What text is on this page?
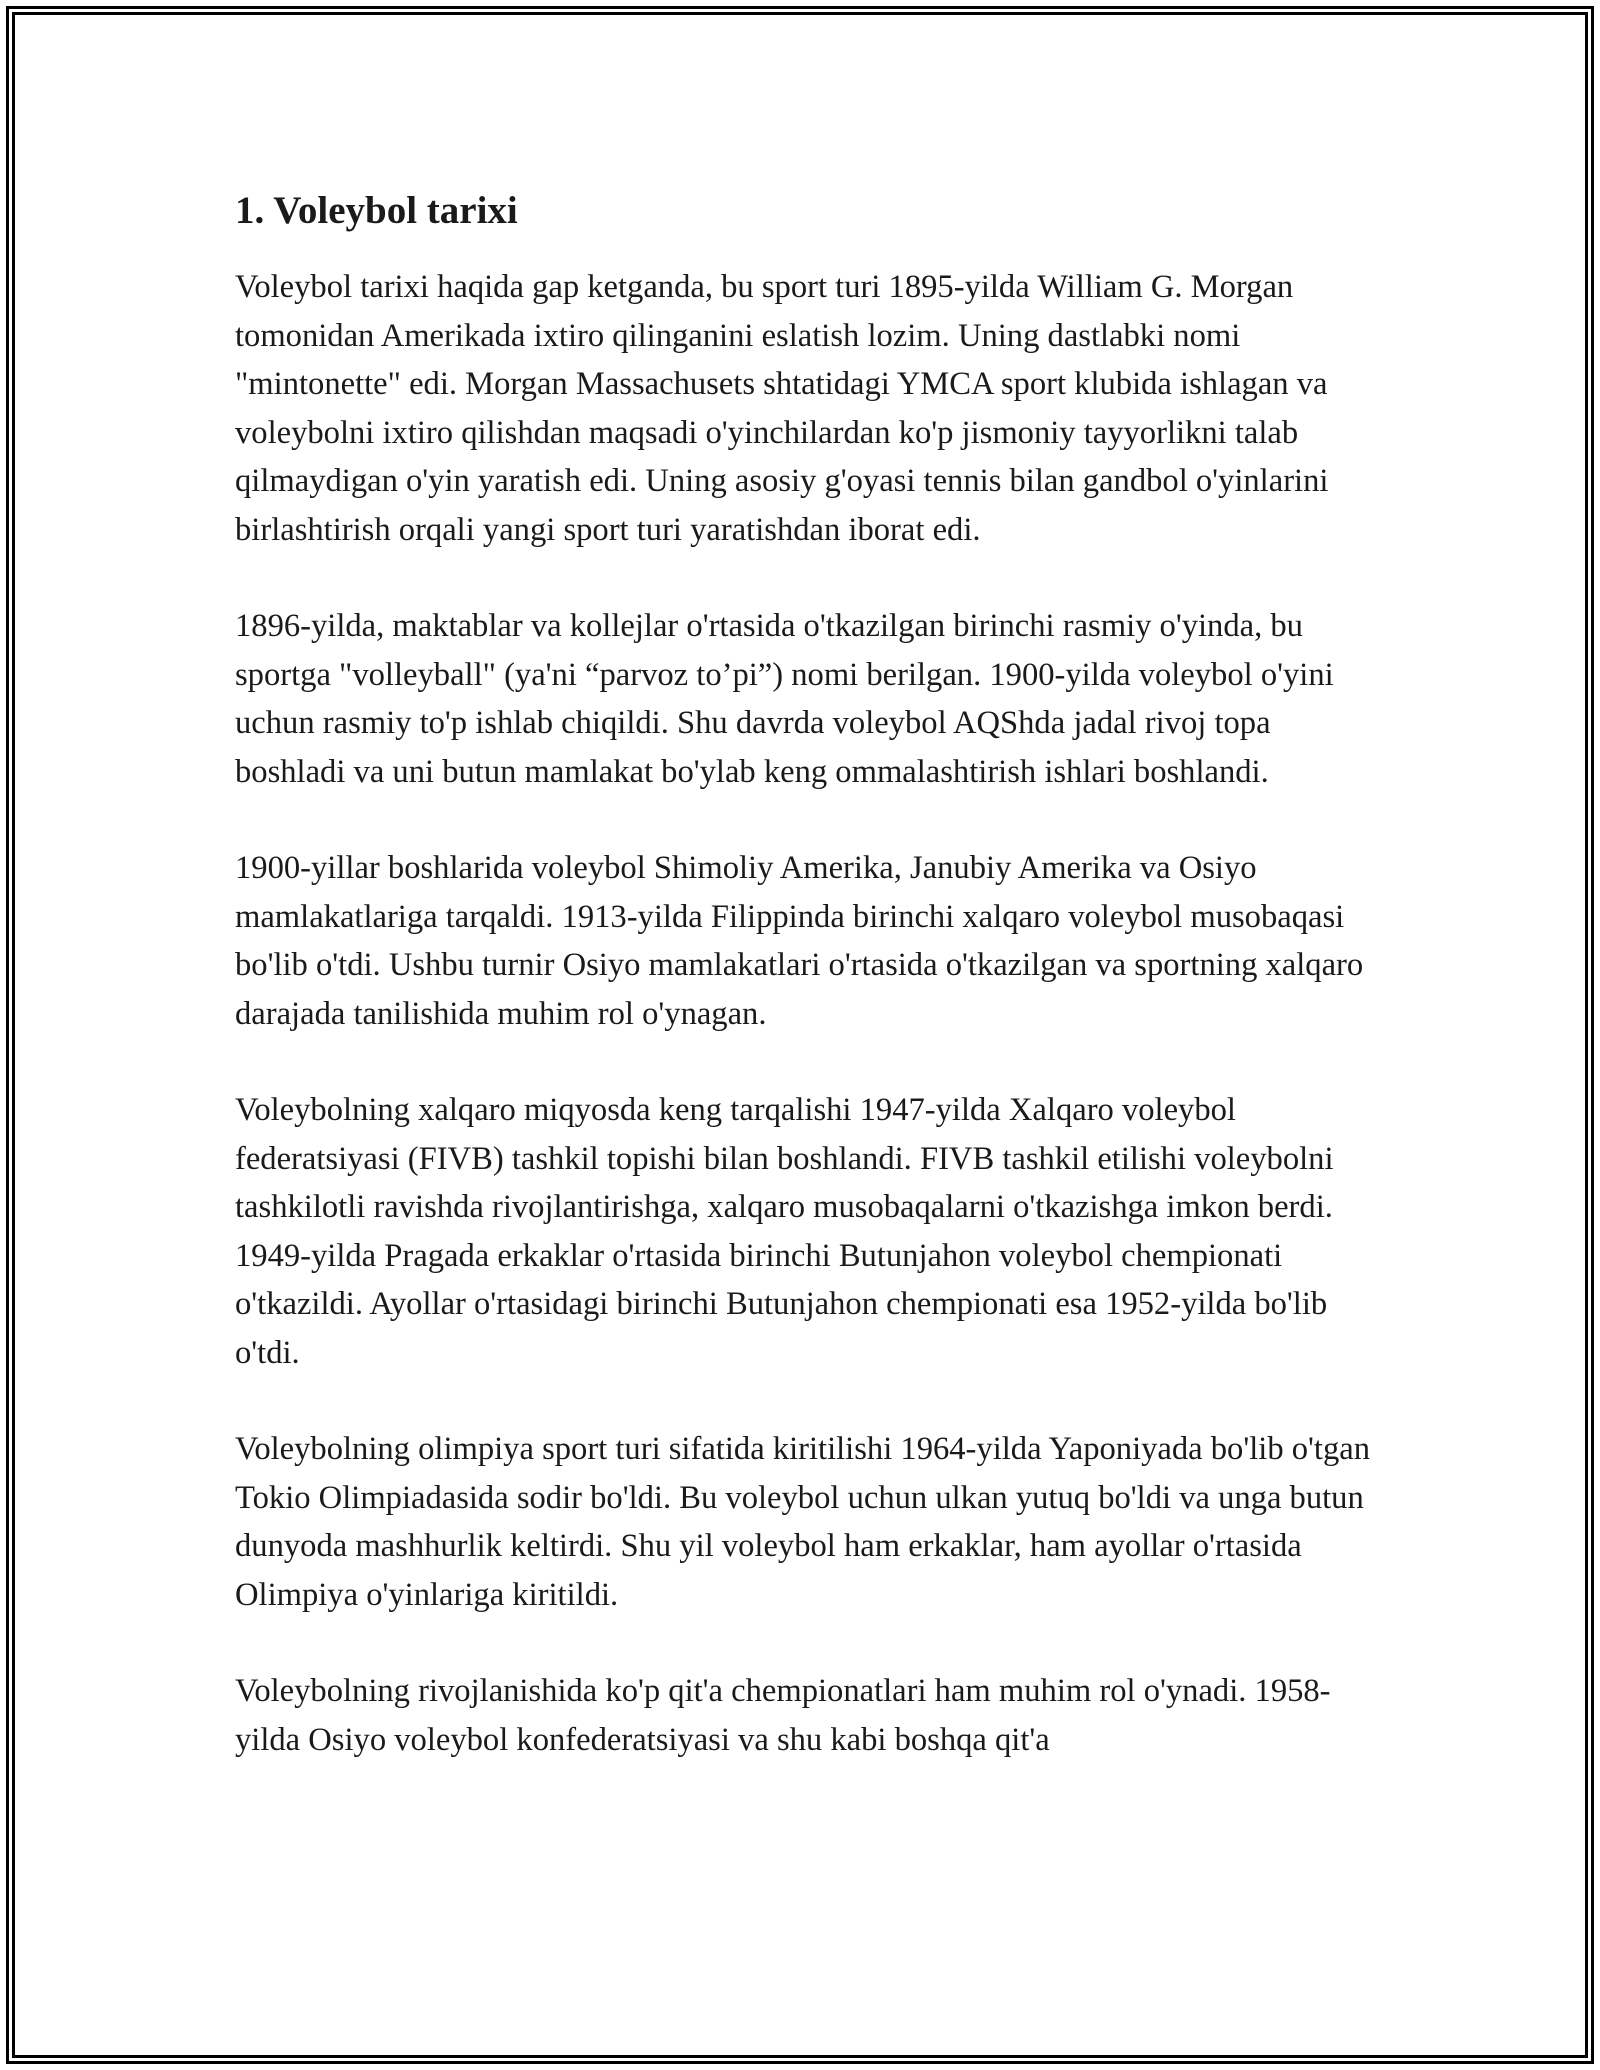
1. Voleybol tarixi

Voleybol tarixi haqida gap ketganda, bu sport turi 1895-yilda William G. Morgan tomonidan Amerikada ixtiro qilinganini eslatish lozim. Uning dastlabki nomi "mintonette" edi. Morgan Massachusets shtatidagi YMCA sport klubida ishlagan va voleybolni ixtiro qilishdan maqsadi o'yinchilardan ko'p jismoniy tayyorlikni talab qilmaydigan o'yin yaratish edi. Uning asosiy g'oyasi tennis bilan gandbol o'yinlarini birlashtirish orqali yangi sport turi yaratishdan iborat edi.

1896-yilda, maktablar va kollejlar o'rtasida o'tkazilgan birinchi rasmiy o'yinda, bu sportga "volleyball" (ya'ni “parvoz to’pi”) nomi berilgan. 1900-yilda voleybol o'yini uchun rasmiy to'p ishlab chiqildi. Shu davrda voleybol AQShda jadal rivoj topa boshladi va uni butun mamlakat bo'ylab keng ommalashtirish ishlari boshlandi.

1900-yillar boshlarida voleybol Shimoliy Amerika, Janubiy Amerika va Osiyo mamlakatlariga tarqaldi. 1913-yilda Filippinda birinchi xalqaro voleybol musobaqasi bo'lib o'tdi. Ushbu turnir Osiyo mamlakatlari o'rtasida o'tkazilgan va sportning xalqaro darajada tanilishida muhim rol o'ynagan.

Voleybolning xalqaro miqyosda keng tarqalishi 1947-yilda Xalqaro voleybol federatsiyasi (FIVB) tashkil topishi bilan boshlandi. FIVB tashkil etilishi voleybolni tashkilotli ravishda rivojlantirishga, xalqaro musobaqalarni o'tkazishga imkon berdi. 1949-yilda Pragada erkaklar o'rtasida birinchi Butunjahon voleybol chempionati o'tkazildi. Ayollar o'rtasidagi birinchi Butunjahon chempionati esa 1952-yilda bo'lib o'tdi.

Voleybolning olimpiya sport turi sifatida kiritilishi 1964-yilda Yaponiyada bo'lib o'tgan Tokio Olimpiadasida sodir bo'ldi. Bu voleybol uchun ulkan yutuq bo'ldi va unga butun dunyoda mashhurlik keltirdi. Shu yil voleybol ham erkaklar, ham ayollar o'rtasida Olimpiya o'yinlariga kiritildi.

Voleybolning rivojlanishida ko'p qit'a chempionatlari ham muhim rol o'ynadi. 1958-yilda Osiyo voleybol konfederatsiyasi va shu kabi boshqa qit'a
